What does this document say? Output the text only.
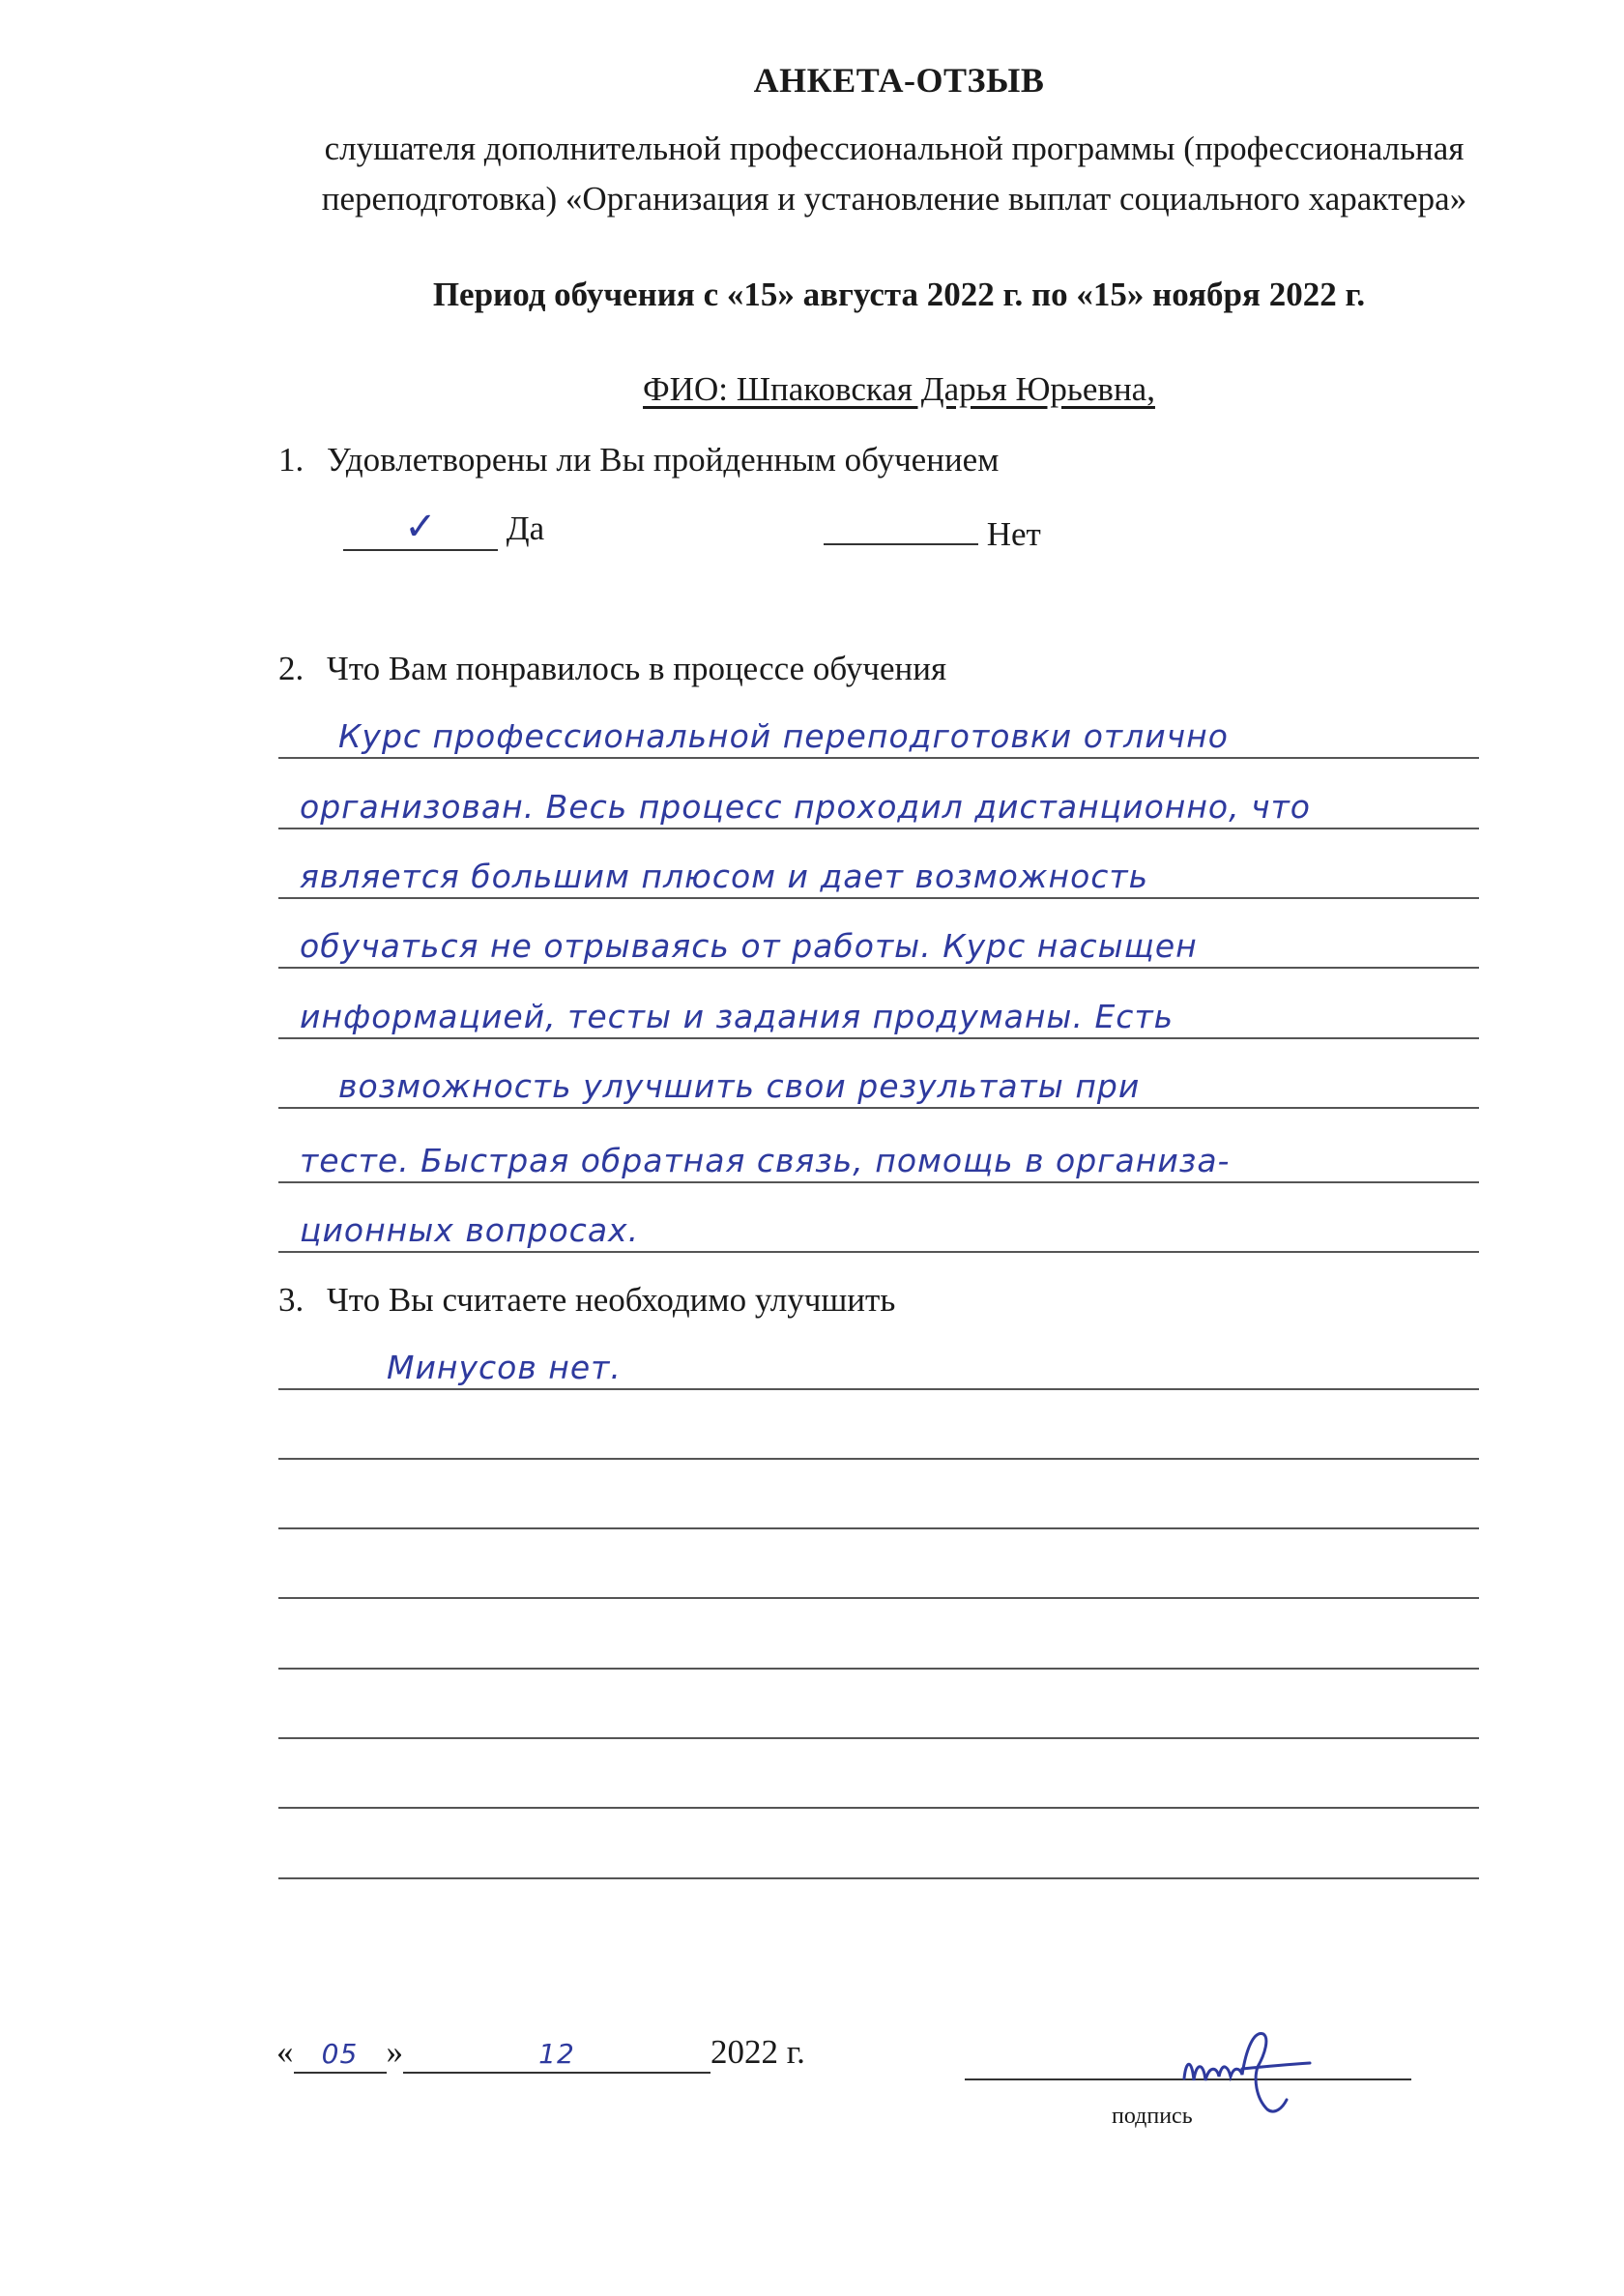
АНКЕТА-ОТЗЫВ
слушателя дополнительной профессиональной программы (профессиональная
переподготовка) «Организация и установление выплат социального характера»
Период обучения с «15» августа 2022 г. по «15» ноября 2022 г.
ФИО: Шпаковская Дарья Юрьевна,
1. Удовлетворены ли Вы пройденным обучением
✓ Да	Нет
2. Что Вам понравилось в процессе обучения
Курс профессиональной переподготовки отлично
организован. Весь процесс проходил дистанционно, что
является большим плюсом и дает возможность
обучаться не отрываясь от работы. Курс насыщен
информацией, тесты и задания продуманы. Есть
возможность улучшить свои результаты при
тесте. Быстрая обратная связь, помощь в организа-
ционных вопросах.
3. Что Вы считаете необходимо улучшить
Минусов нет.
« 05 »	12	2022 г.
подпись
